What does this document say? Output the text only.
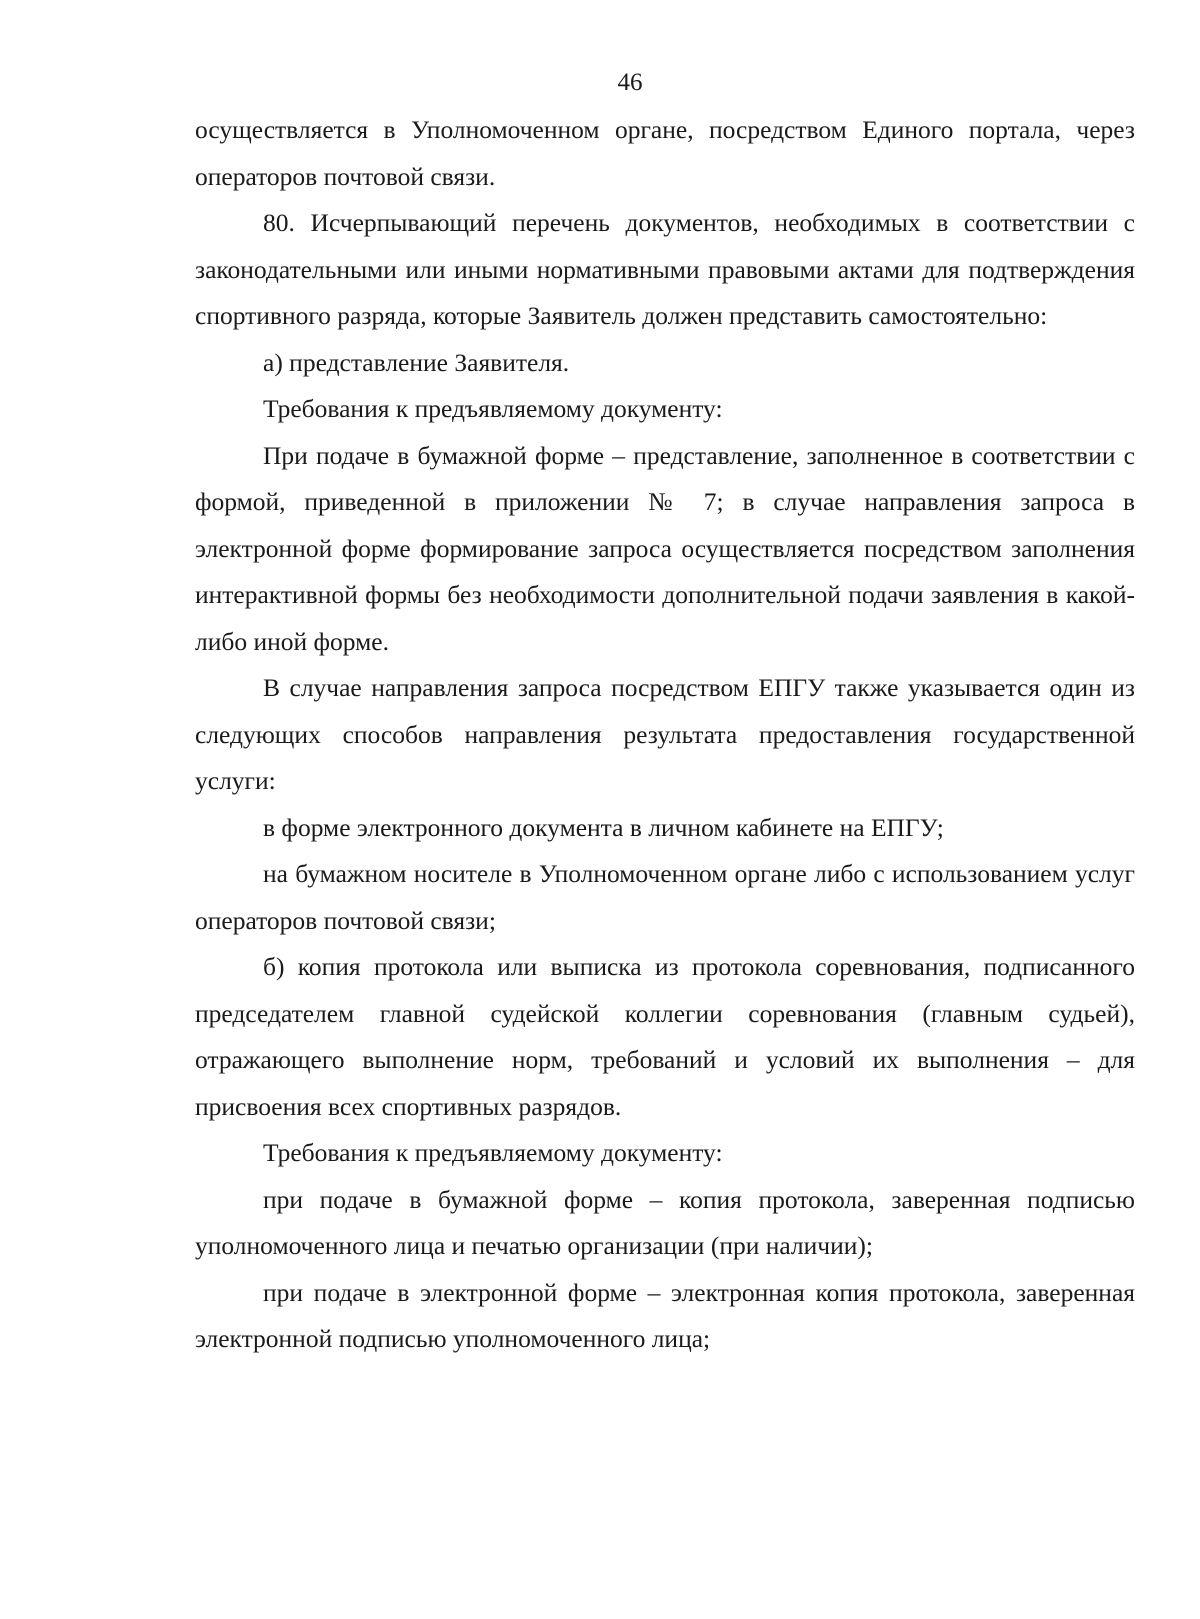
46

осуществляется в Уполномоченном органе, посредством Единого портала, через операторов почтовой связи.

80. Исчерпывающий перечень документов, необходимых в соответствии с законодательными или иными нормативными правовыми актами для подтверждения спортивного разряда, которые Заявитель должен представить самостоятельно:

а) представление Заявителя.

Требования к предъявляемому документу:

При подаче в бумажной форме – представление, заполненное в соответствии с формой, приведенной в приложении № 7; в случае направления запроса в электронной форме формирование запроса осуществляется посредством заполнения интерактивной формы без необходимости дополнительной подачи заявления в какой-либо иной форме.

В случае направления запроса посредством ЕПГУ также указывается один из следующих способов направления результата предоставления государственной услуги:

в форме электронного документа в личном кабинете на ЕПГУ;

на бумажном носителе в Уполномоченном органе либо с использованием услуг операторов почтовой связи;

б) копия протокола или выписка из протокола соревнования, подписанного председателем главной судейской коллегии соревнования (главным судьей), отражающего выполнение норм, требований и условий их выполнения – для присвоения всех спортивных разрядов.

Требования к предъявляемому документу:

при подаче в бумажной форме – копия протокола, заверенная подписью уполномоченного лица и печатью организации (при наличии);

при подаче в электронной форме – электронная копия протокола, заверенная электронной подписью уполномоченного лица;
